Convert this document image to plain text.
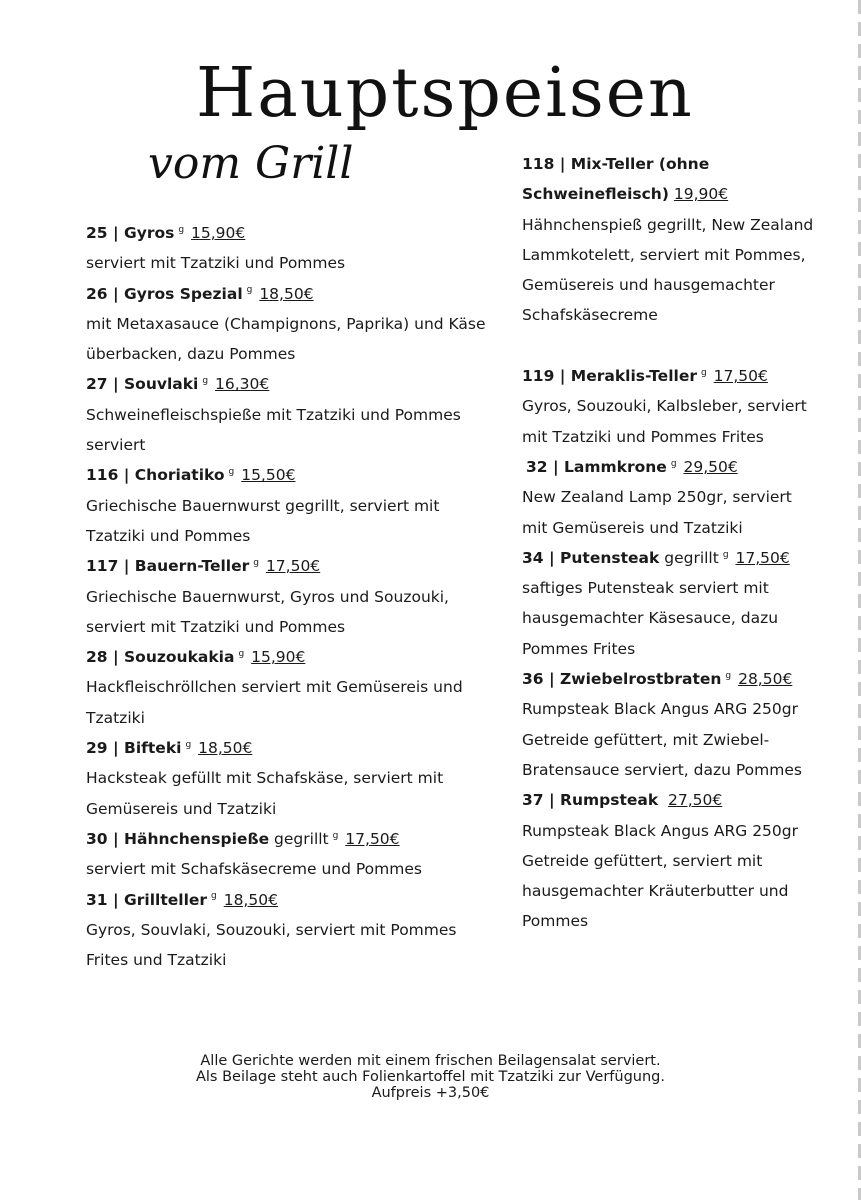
Hauptspeisen
vom Grill
25 | Gyros $^g$ 15,90€
serviert mit Tzatziki und Pommes
26 | Gyros Spezial $^g$ 18,50€
mit Metaxasauce (Champignons, Paprika) und Käse überbacken, dazu Pommes
27 | Souvlaki $^g$ 16,30€
Schweinefleischspieße mit Tzatziki und Pommes serviert
116 | Choriatiko $^g$ 15,50€
Griechische Bauernwurst gegrillt, serviert mit Tzatziki und Pommes
117 | Bauern-Teller $^g$ 17,50€
Griechische Bauernwurst, Gyros und Souzouki, serviert mit Tzatziki und Pommes
28 | Souzoukakia $^g$ 15,90€
Hackfleischröllchen serviert mit Gemüsereis und Tzatziki
29 | Bifteki $^g$ 18,50€
Hacksteak gefüllt mit Schafskäse, serviert mit Gemüsereis und Tzatziki
30 | Hähnchenspieße gegrillt $^g$ 17,50€
serviert mit Schafskäsecreme und Pommes
31 | Grillteller $^g$ 18,50€
Gyros, Souvlaki, Souzouki, serviert mit Pommes Frites und Tzatziki
118 | Mix-Teller (ohne
Schweinefleisch) 19,90€
Hähnchenspieß gegrillt, New Zealand Lammkotelett, serviert mit Pommes, Gemüsereis und hausgemachter Schafskäsecreme
119 | Meraklis-Teller $^g$ 17,50€
Gyros, Souzouki, Kalbsleber, serviert mit Tzatziki und Pommes Frites
32 | Lammkrone $^g$ 29,50€
New Zealand Lamp 250gr, serviert mit Gemüsereis und Tzatziki
34 | Putensteak gegrillt $^g$ 17,50€
saftiges Putensteak serviert mit hausgemachter Käsesauce, dazu Pommes Frites
36 | Zwiebelrostbraten $^g$ 28,50€
Rumpsteak Black Angus ARG 250gr Getreide gefüttert, mit Zwiebel-Bratensauce serviert, dazu Pommes
37 | Rumpsteak 27,50€
Rumpsteak Black Angus ARG 250gr Getreide gefüttert, serviert mit hausgemachter Kräuterbutter und Pommes
Alle Gerichte werden mit einem frischen Beilagensalat serviert.
Als Beilage steht auch Folienkartoffel mit Tzatziki zur Verfügung.
Aufpreis +3,50€
